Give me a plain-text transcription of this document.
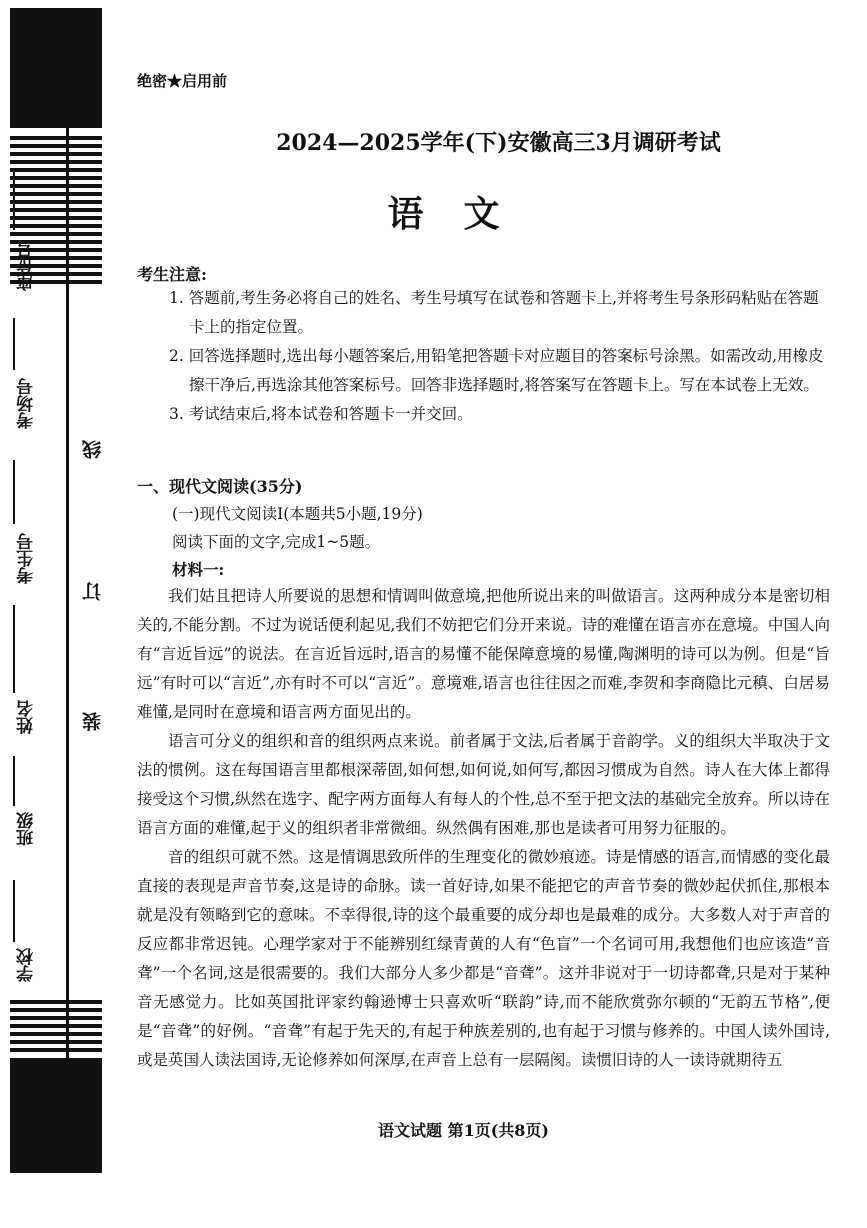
线
订
装
座位号
考场号
考生号
姓名
班级
学校
绝密★启用前
2024—2025学年(下)安徽高三3月调研考试
语文
考生注意:
1. 答题前,考生务必将自己的姓名、考生号填写在试卷和答题卡上,并将考生号条形码粘贴在答题卡上的指定位置。
2. 回答选择题时,选出每小题答案后,用铅笔把答题卡对应题目的答案标号涂黑。如需改动,用橡皮擦干净后,再选涂其他答案标号。回答非选择题时,将答案写在答题卡上。写在本试卷上无效。
3. 考试结束后,将本试卷和答题卡一并交回。
一、现代文阅读(35分)
(一)现代文阅读Ⅰ(本题共5小题,19分)
阅读下面的文字,完成1~5题。
材料一:

我们姑且把诗人所要说的思想和情调叫做意境,把他所说出来的叫做语言。这两种成分本是密切相关的,不能分割。不过为说话便利起见,我们不妨把它们分开来说。诗的难懂在语言亦在意境。中国人向有“言近旨远”的说法。在言近旨远时,语言的易懂不能保障意境的易懂,陶渊明的诗可以为例。但是“旨远”有时可以“言近”,亦有时不可以“言近”。意境难,语言也往往因之而难,李贺和李商隐比元稹、白居易难懂,是同时在意境和语言两方面见出的。

语言可分义的组织和音的组织两点来说。前者属于文法,后者属于音韵学。义的组织大半取决于文法的惯例。这在每国语言里都根深蒂固,如何想,如何说,如何写,都因习惯成为自然。诗人在大体上都得接受这个习惯,纵然在选字、配字两方面每人有每人的个性,总不至于把文法的基础完全放弃。所以诗在语言方面的难懂,起于义的组织者非常微细。纵然偶有困难,那也是读者可用努力征服的。

音的组织可就不然。这是情调思致所伴的生理变化的微妙痕迹。诗是情感的语言,而情感的变化最直接的表现是声音节奏,这是诗的命脉。读一首好诗,如果不能把它的声音节奏的微妙起伏抓住,那根本就是没有领略到它的意味。不幸得很,诗的这个最重要的成分却也是最难的成分。大多数人对于声音的反应都非常迟钝。心理学家对于不能辨别红绿青黄的人有“色盲”一个名词可用,我想他们也应该造“音聋”一个名词,这是很需要的。我们大部分人多少都是“音聋”。这并非说对于一切诗都聋,只是对于某种音无感觉力。比如英国批评家约翰逊博士只喜欢听“联韵”诗,而不能欣赏弥尔顿的“无韵五节格”,便是“音聋”的好例。“音聋”有起于先天的,有起于种族差别的,也有起于习惯与修养的。中国人读外国诗,或是英国人读法国诗,无论修养如何深厚,在声音上总有一层隔阂。读惯旧诗的人一读诗就期待五

语文试题 第1页(共8页)
